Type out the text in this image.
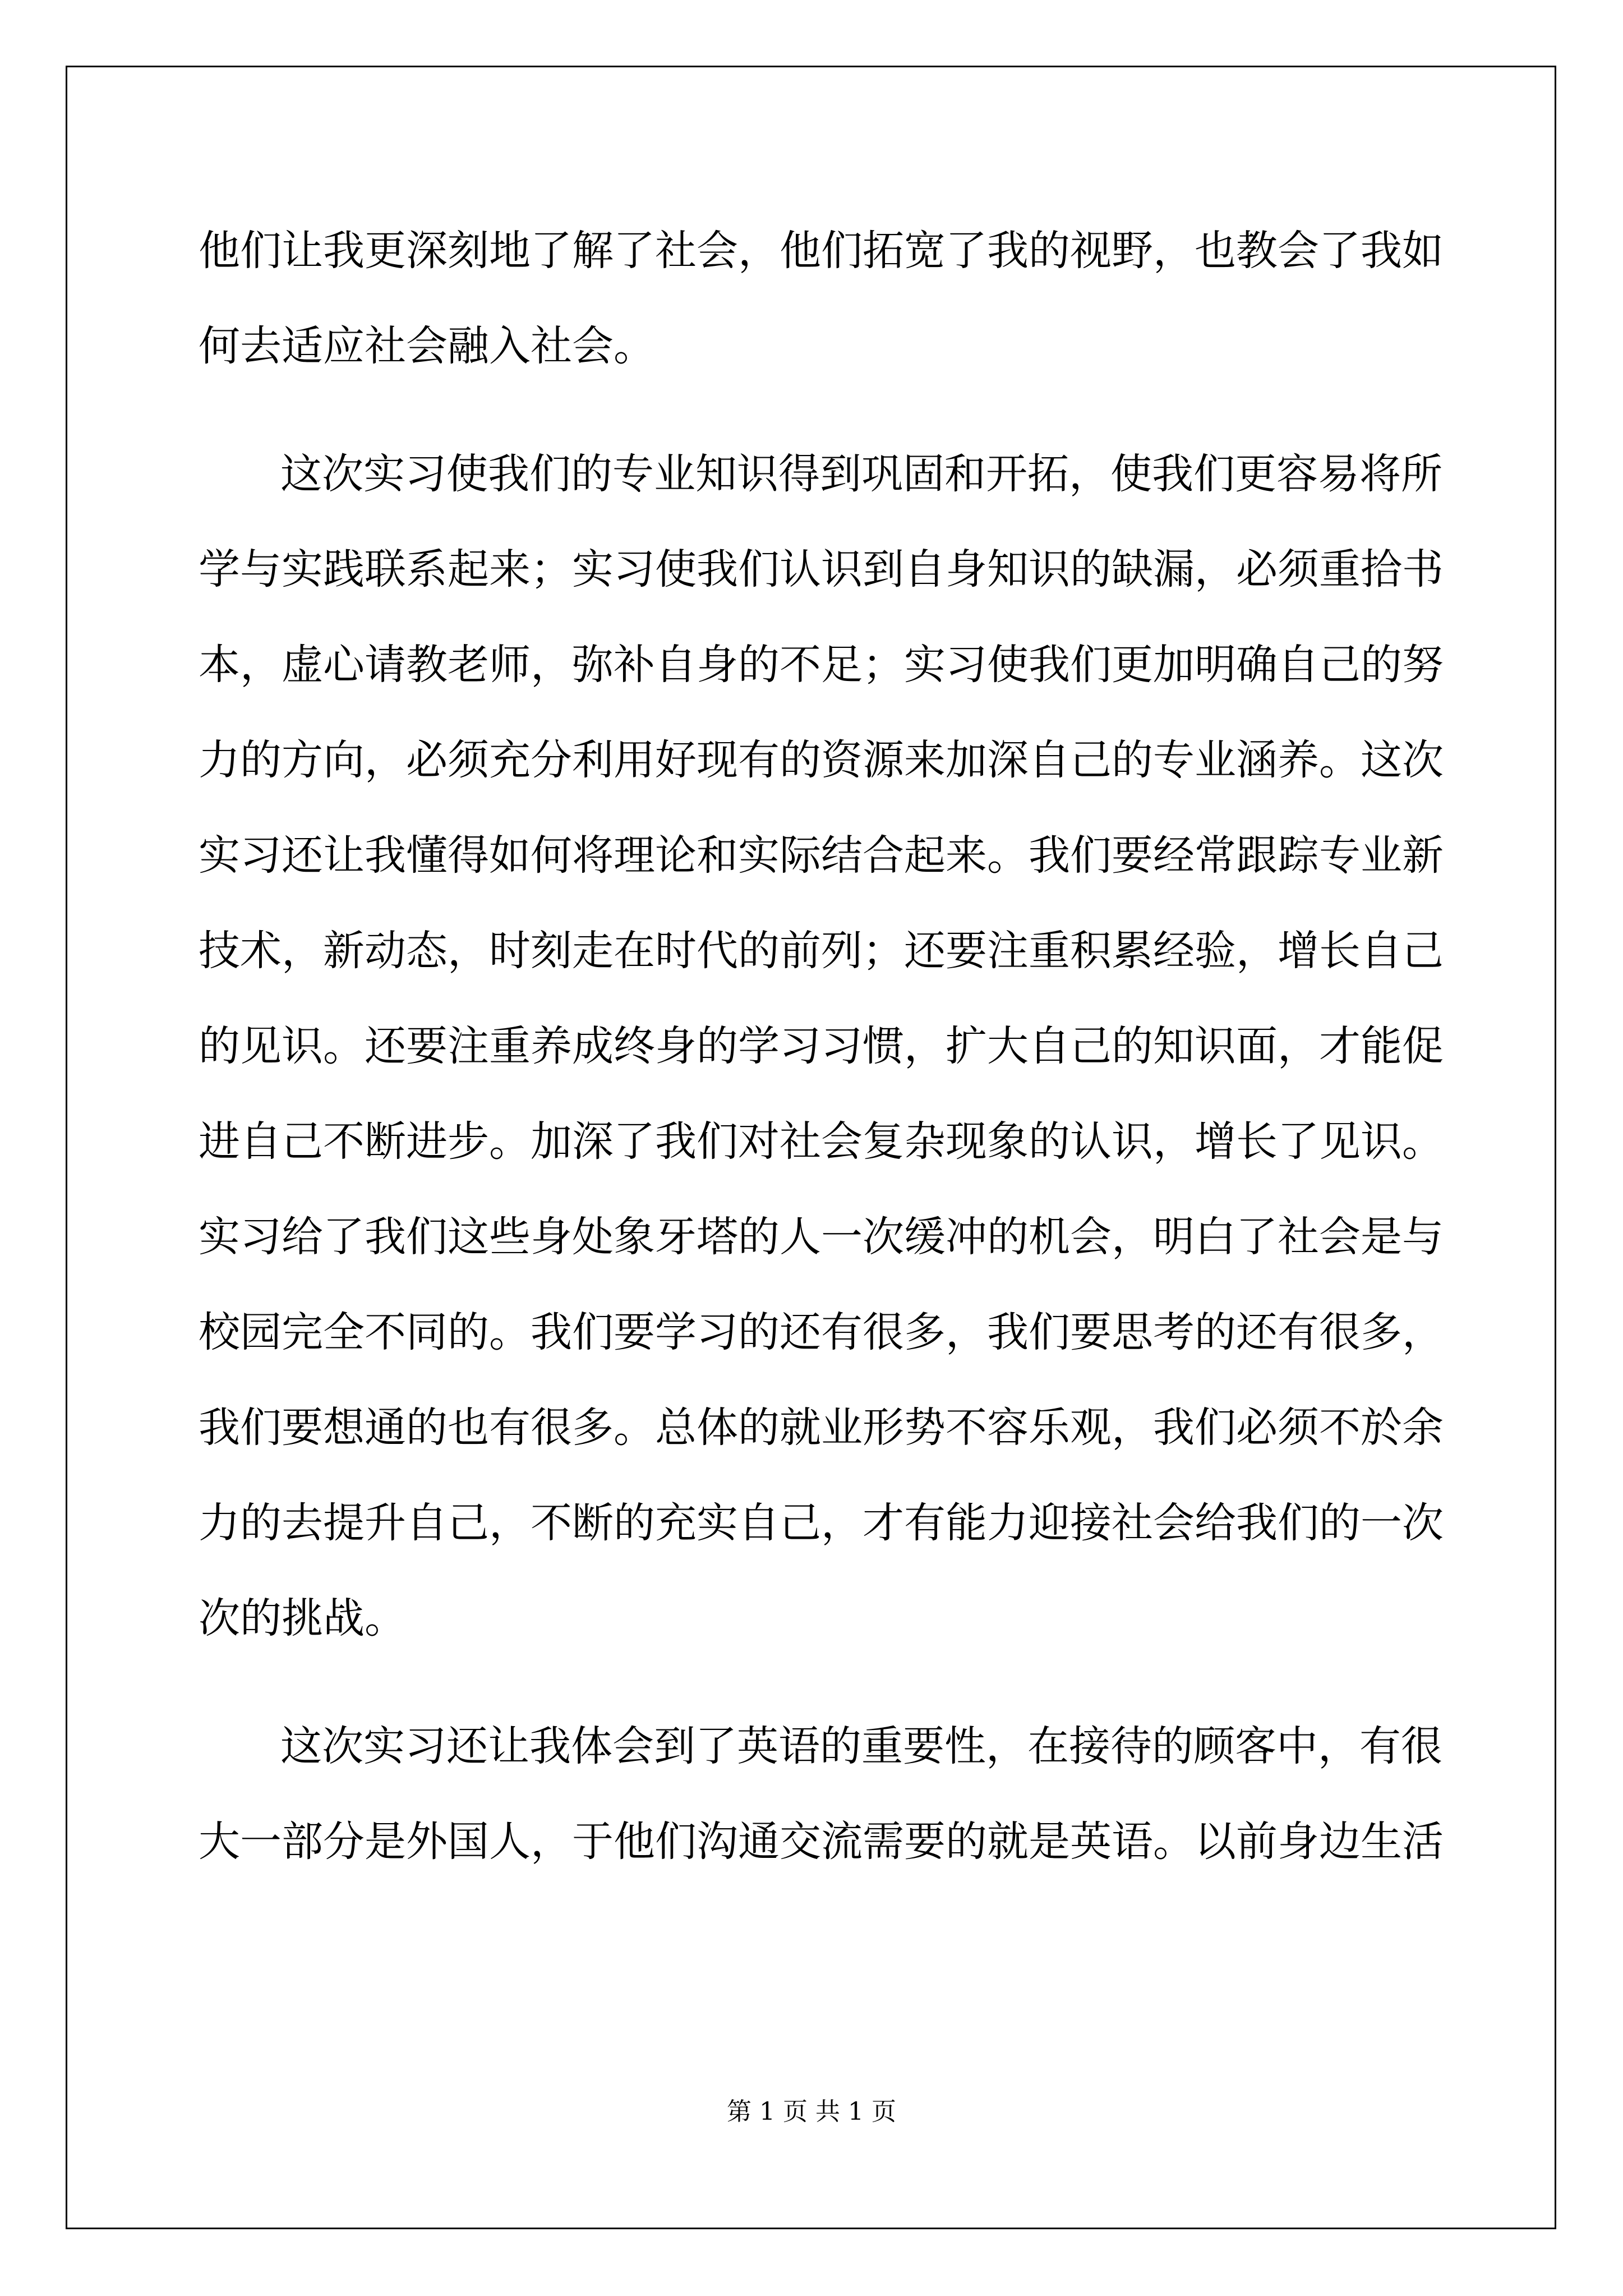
他们让我更深刻地了解了社会，他们拓宽了我的视野，也教会了我如
何去适应社会融入社会。
这次实习使我们的专业知识得到巩固和开拓，使我们更容易将所
学与实践联系起来；实习使我们认识到自身知识的缺漏，必须重拾书
本，虚心请教老师，弥补自身的不足；实习使我们更加明确自己的努
力的方向，必须充分利用好现有的资源来加深自己的专业涵养。这次
实习还让我懂得如何将理论和实际结合起来。我们要经常跟踪专业新
技术，新动态，时刻走在时代的前列；还要注重积累经验，增长自己
的见识。还要注重养成终身的学习习惯，扩大自己的知识面，才能促
进自己不断进步。加深了我们对社会复杂现象的认识，增长了见识。
实习给了我们这些身处象牙塔的人一次缓冲的机会，明白了社会是与
校园完全不同的。我们要学习的还有很多，我们要思考的还有很多，
我们要想通的也有很多。总体的就业形势不容乐观，我们必须不於余
力的去提升自己，不断的充实自己，才有能力迎接社会给我们的一次
次的挑战。
这次实习还让我体会到了英语的重要性，在接待的顾客中，有很
大一部分是外国人，于他们沟通交流需要的就是英语。以前身边生活
第 1 页 共 1 页
